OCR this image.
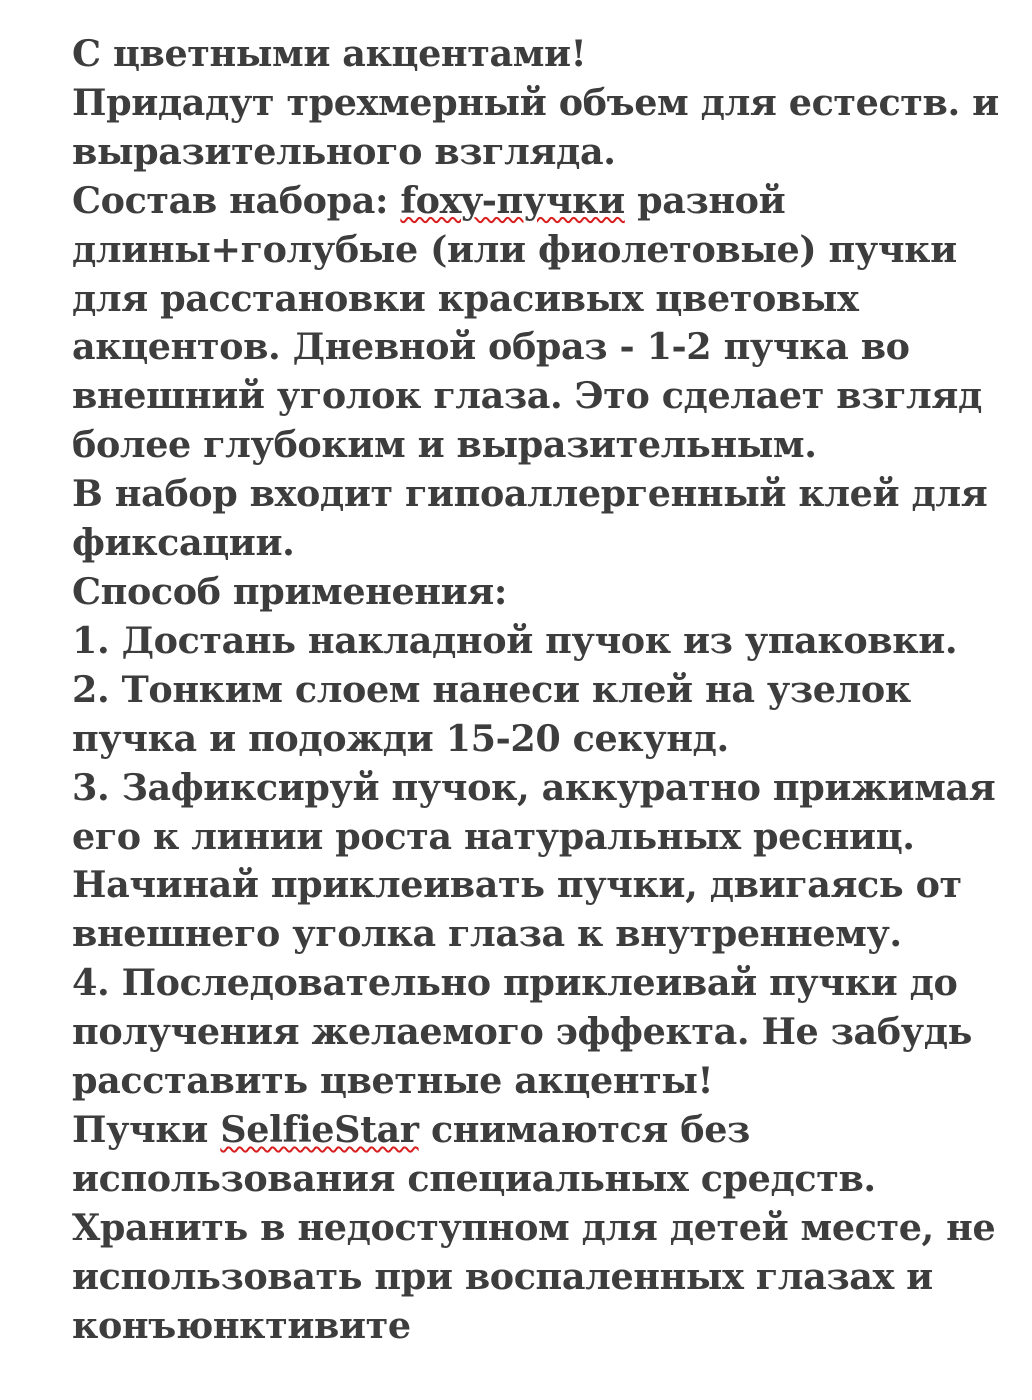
С цветными акцентами!
Придадут трехмерный объем для естеств. и
выразительного взгляда.
Состав набора: foxy-пучки разной
длины+голубые (или фиолетовые) пучки
для расстановки красивых цветовых
акцентов. Дневной образ - 1-2 пучка во
внешний уголок глаза. Это сделает взгляд
более глубоким и выразительным.
В набор входит гипоаллергенный клей для
фиксации.
Способ применения:
1. Достань накладной пучок из упаковки.
2. Тонким слоем нанеси клей на узелок
пучка и подожди 15-20 секунд.
3. Зафиксируй пучок, аккуратно прижимая
его к линии роста натуральных ресниц.
Начинай приклеивать пучки, двигаясь от
внешнего уголка глаза к внутреннему.
4. Последовательно приклеивай пучки до
получения желаемого эффекта. Не забудь
расставить цветные акценты!
Пучки SelfieStar снимаются без
использования специальных средств.
Хранить в недоступном для детей месте, не
использовать при воспаленных глазах и
конъюнктивите
